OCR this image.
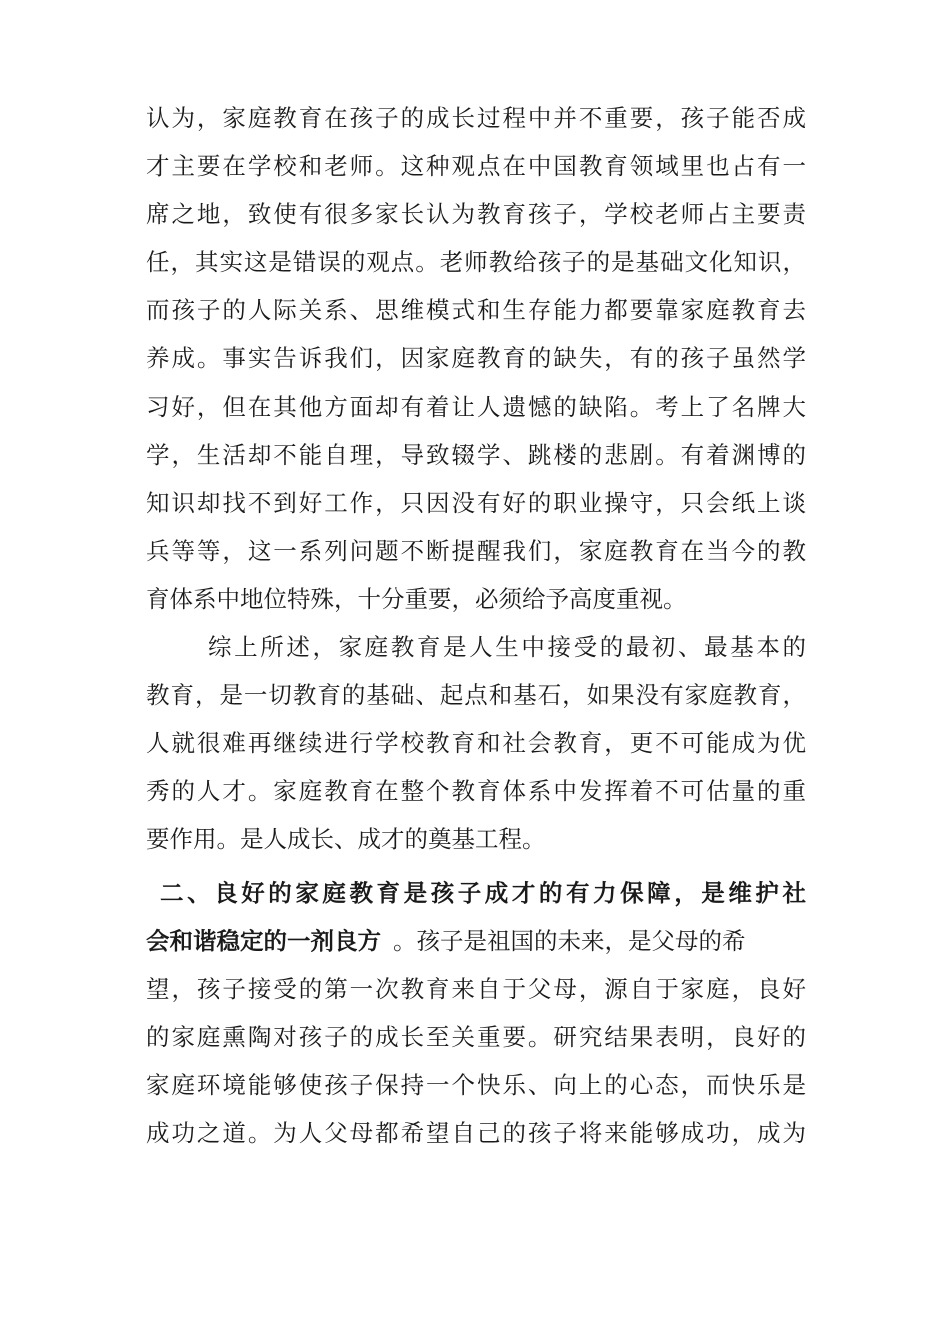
认为，家庭教育在孩子的成长过程中并不重要，孩子能否成
才主要在学校和老师。这种观点在中国教育领域里也占有一
席之地，致使有很多家长认为教育孩子，学校老师占主要责
任，其实这是错误的观点。老师教给孩子的是基础文化知识，
而孩子的人际关系、思维模式和生存能力都要靠家庭教育去
养成。事实告诉我们，因家庭教育的缺失，有的孩子虽然学
习好，但在其他方面却有着让人遗憾的缺陷。考上了名牌大
学，生活却不能自理，导致辍学、跳楼的悲剧。有着渊博的
知识却找不到好工作，只因没有好的职业操守，只会纸上谈
兵等等，这一系列问题不断提醒我们，家庭教育在当今的教
育体系中地位特殊，十分重要，必须给予高度重视。
综上所述，家庭教育是人生中接受的最初、最基本的
教育，是一切教育的基础、起点和基石，如果没有家庭教育，
人就很难再继续进行学校教育和社会教育，更不可能成为优
秀的人才。家庭教育在整个教育体系中发挥着不可估量的重
要作用。是人成长、成才的奠基工程。
二、良好的家庭教育是孩子成才的有力保障，是维护社
会和谐稳定的一剂良方 。孩子是祖国的未来，是父母的希
望，孩子接受的第一次教育来自于父母，源自于家庭，良好
的家庭熏陶对孩子的成长至关重要。研究结果表明，良好的
家庭环境能够使孩子保持一个快乐、向上的心态，而快乐是
成功之道。为人父母都希望自己的孩子将来能够成功，成为
